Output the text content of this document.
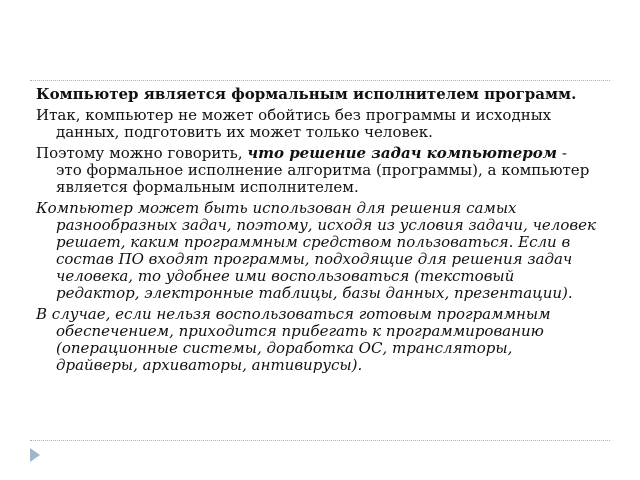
Компьютер является формальным исполнителем программ.

Итак, компьютер не может обойтись без программы и исходных данных, подготовить их может только человек.

Поэтому можно говорить, что решение задач компьютером - это формальное исполнение алгоритма (программы), а компьютер является формальным исполнителем.

Компьютер может быть использован для решения самых разнообразных задач, поэтому, исходя из условия задачи, человек решает, каким программным средством пользоваться. Если в состав ПО входят программы, подходящие для решения задач человека, то удобнее ими воспользоваться (текстовый редактор, электронные таблицы, базы данных, презентации).

В случае, если нельзя воспользоваться готовым программным обеспечением, приходится прибегать к программированию (операционные системы, доработка ОС, трансляторы, драйверы, архиваторы, антивирусы).
